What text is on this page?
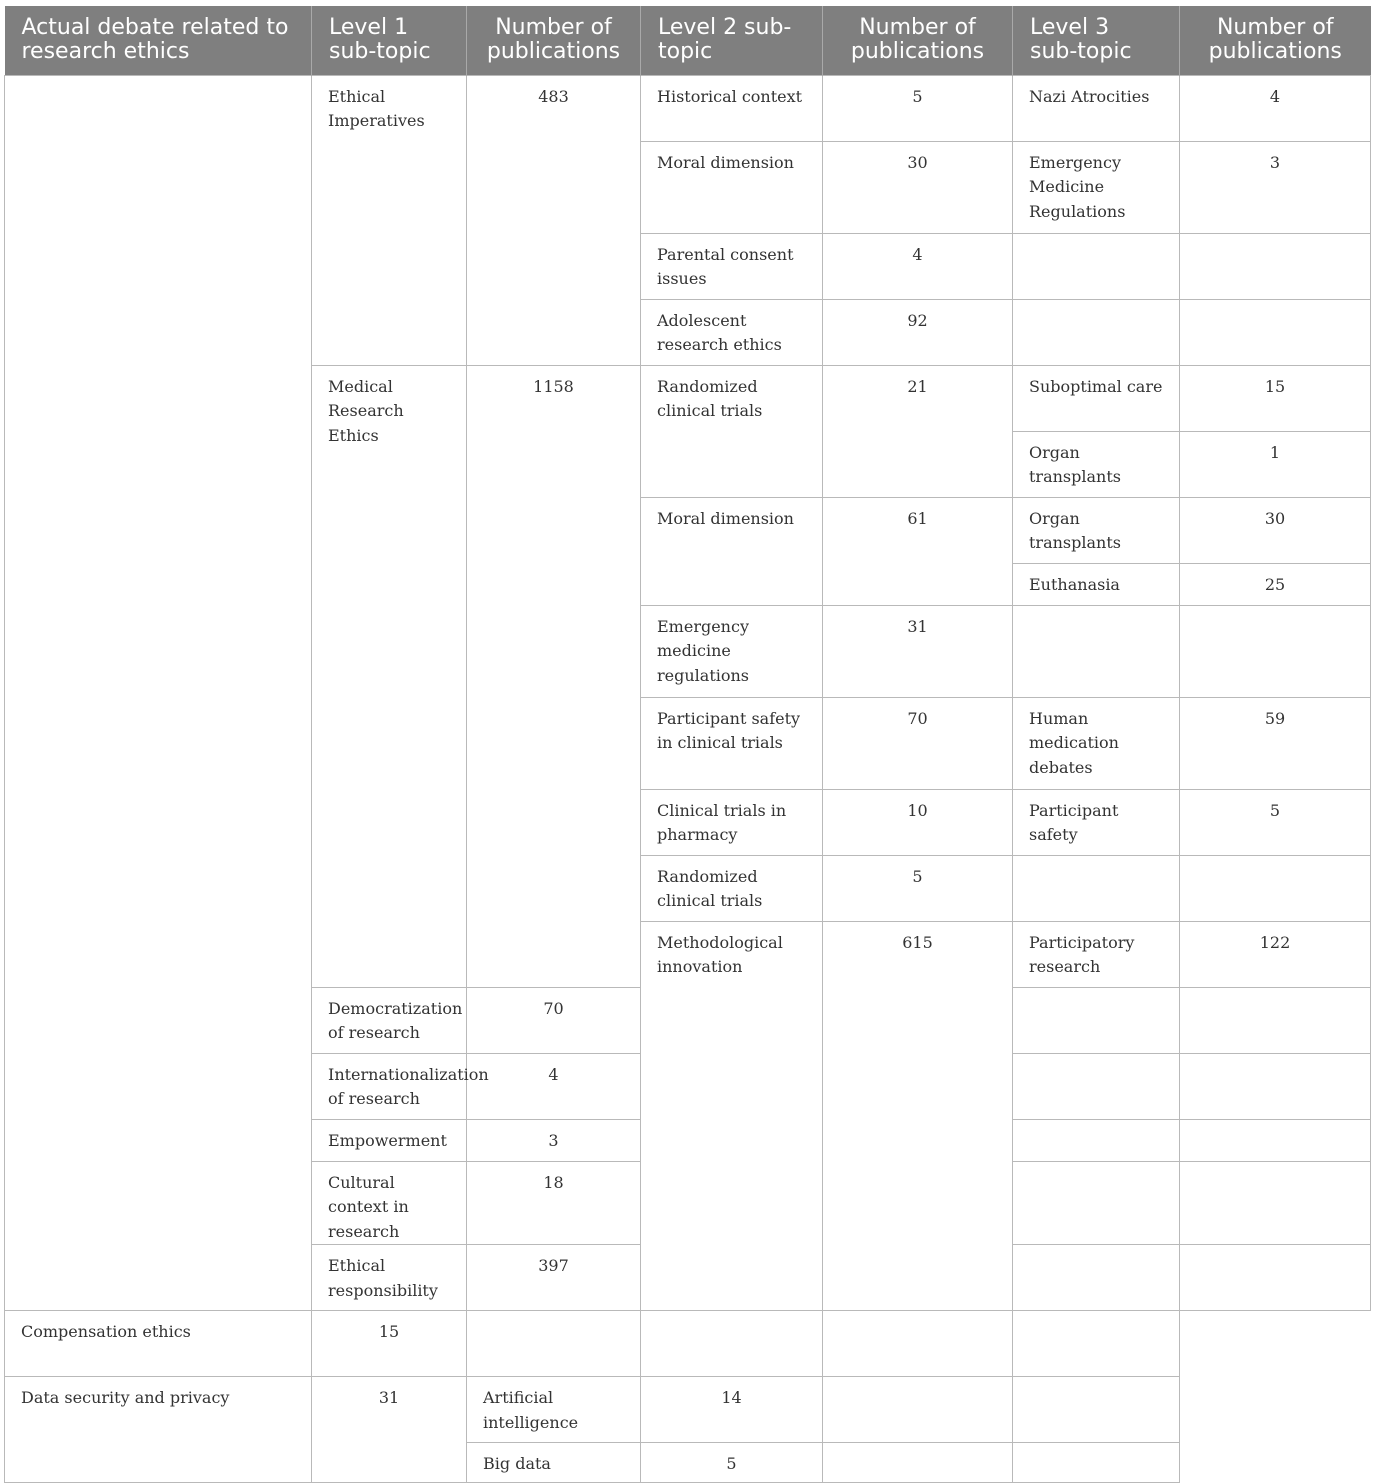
Actual debate related to research ethics	Level 1 sub-topic	Number of publications	Level 2 sub-topic	Number of publications	Level 3 sub-topic	Number of publications	
	Ethical Imperatives	483	Historical context	5	Nazi Atrocities	4	
			Moral dimension	30	Emergency Medicine Regulations	3	
			Parental consent issues	4			
			Adolescent research ethics	92			
	Medical Research Ethics	1158	Randomized clinical trials	21	Suboptimal care	15	
					Organ transplants	1	
			Moral dimension	61	Organ transplants	30	
					Euthanasia	25	
			Emergency medicine regulations	31			
			Participant safety in clinical trials	70	Human medication debates	59	
			Clinical trials in pharmacy	10	Participant safety	5	
			Randomized clinical trials	5			
			Methodological innovation	615	Participatory research	122		
	Democratization of research	70					
	Internationalization of research	4					
	Empowerment	3					
	Cultural context in research	18					
	Ethical responsibility	397					
Compensation ethics	15						
Data security and privacy	31	Artificial intelligence	14				
		Big data	5				
